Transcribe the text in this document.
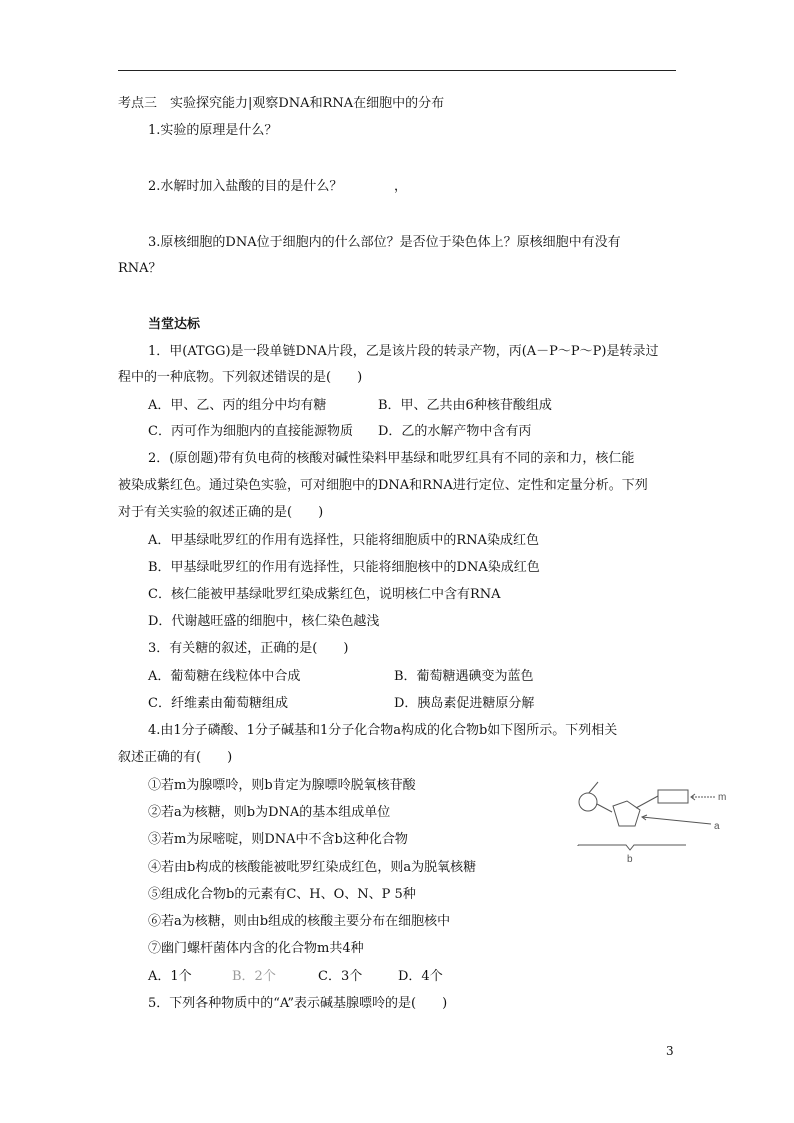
考点三　实验探究能力|观察DNA和RNA在细胞中的分布
1.实验的原理是什么？
2.水解时加入盐酸的目的是什么？	，
3.原核细胞的DNA位于细胞内的什么部位？是否位于染色体上？原核细胞中有没有
RNA？
当堂达标
1．甲(ATGG)是一段单链DNA片段，乙是该片段的转录产物，丙(A－P～P～P)是转录过
程中的一种底物。下列叙述错误的是(　　)
A．甲、乙、丙的组分中均有糖	B．甲、乙共由6种核苷酸组成
C．丙可作为细胞内的直接能源物质 D．乙的水解产物中含有丙
2．(原创题)带有负电荷的核酸对碱性染料甲基绿和吡罗红具有不同的亲和力，核仁能
被染成紫红色。通过染色实验，可对细胞中的DNA和RNA进行定位、定性和定量分析。下列
对于有关实验的叙述正确的是(　　)
A．甲基绿吡罗红的作用有选择性，只能将细胞质中的RNA染成红色
B．甲基绿吡罗红的作用有选择性，只能将细胞核中的DNA染成红色
C．核仁能被甲基绿吡罗红染成紫红色，说明核仁中含有RNA
D．代谢越旺盛的细胞中，核仁染色越浅
3．有关糖的叙述，正确的是(　　)
A．葡萄糖在线粒体中合成	B．葡萄糖遇碘变为蓝色
C．纤维素由葡萄糖组成	D．胰岛素促进糖原分解
4.由1分子磷酸、1分子碱基和1分子化合物a构成的化合物b如下图所示。下列相关
叙述正确的有(　　)
①若m为腺嘌呤，则b肯定为腺嘌呤脱氧核苷酸
②若a为核糖，则b为DNA的基本组成单位
③若m为尿嘧啶，则DNA中不含b这种化合物
④若由b构成的核酸能被吡罗红染成红色，则a为脱氧核糖
⑤组成化合物b的元素有C、H、O、N、P 5种
⑥若a为核糖，则由b组成的核酸主要分布在细胞核中
⑦幽门螺杆菌体内含的化合物m共4种
A．1个	B．2个	C．3个	D．4个
m
a
b
5．下列各种物质中的“A”表示碱基腺嘌呤的是(　　)
3
